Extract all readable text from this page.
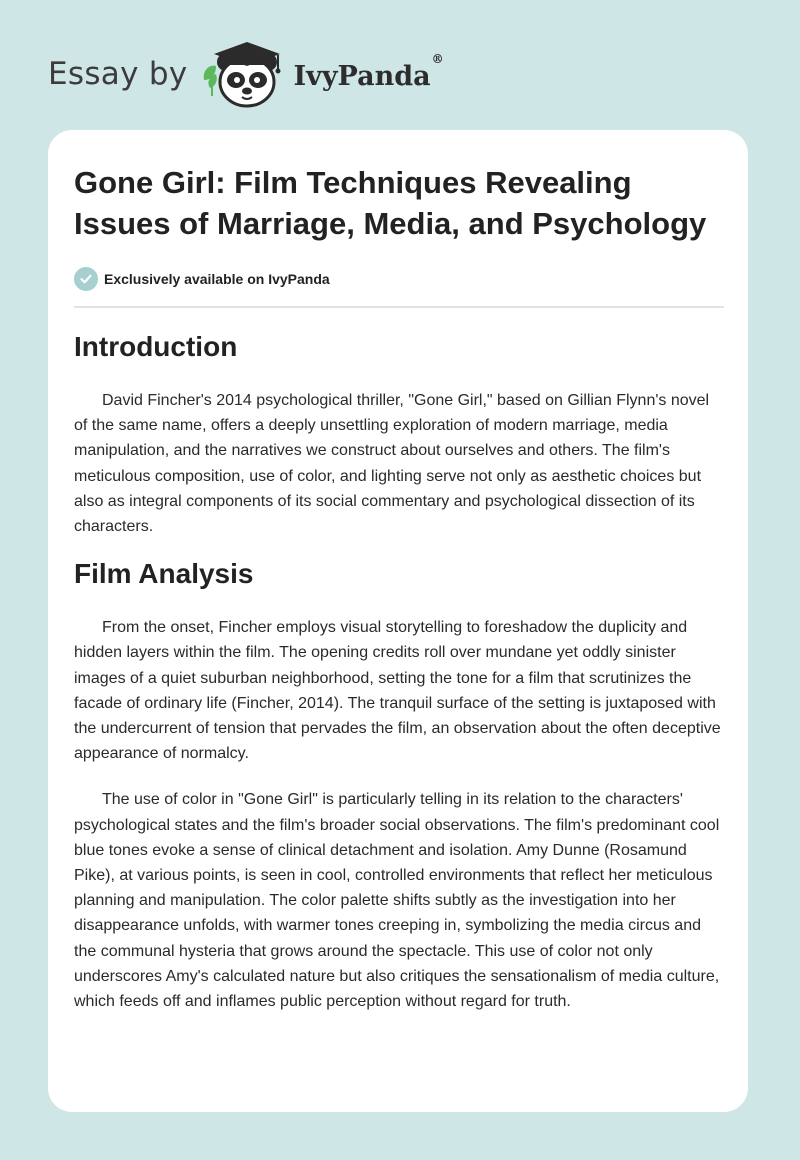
Essay by	IvyPanda®
Gone Girl: Film Techniques Revealing Issues of Marriage, Media, and Psychology
Exclusively available on IvyPanda
Introduction

David Fincher's 2014 psychological thriller, "Gone Girl," based on Gillian Flynn's novel of the same name, offers a deeply unsettling exploration of modern marriage, media manipulation, and the narratives we construct about ourselves and others. The film's meticulous composition, use of color, and lighting serve not only as aesthetic choices but also as integral components of its social commentary and psychological dissection of its characters.

Film Analysis

From the onset, Fincher employs visual storytelling to foreshadow the duplicity and hidden layers within the film. The opening credits roll over mundane yet oddly sinister images of a quiet suburban neighborhood, setting the tone for a film that scrutinizes the facade of ordinary life (Fincher, 2014). The tranquil surface of the setting is juxtaposed with the undercurrent of tension that pervades the film, an observation about the often deceptive appearance of normalcy.

The use of color in "Gone Girl" is particularly telling in its relation to the characters' psychological states and the film's broader social observations. The film's predominant cool blue tones evoke a sense of clinical detachment and isolation. Amy Dunne (Rosamund Pike), at various points, is seen in cool, controlled environments that reflect her meticulous planning and manipulation. The color palette shifts subtly as the investigation into her disappearance unfolds, with warmer tones creeping in, symbolizing the media circus and the communal hysteria that grows around the spectacle. This use of color not only underscores Amy's calculated nature but also critiques the sensationalism of media culture, which feeds off and inflames public perception without regard for truth.
